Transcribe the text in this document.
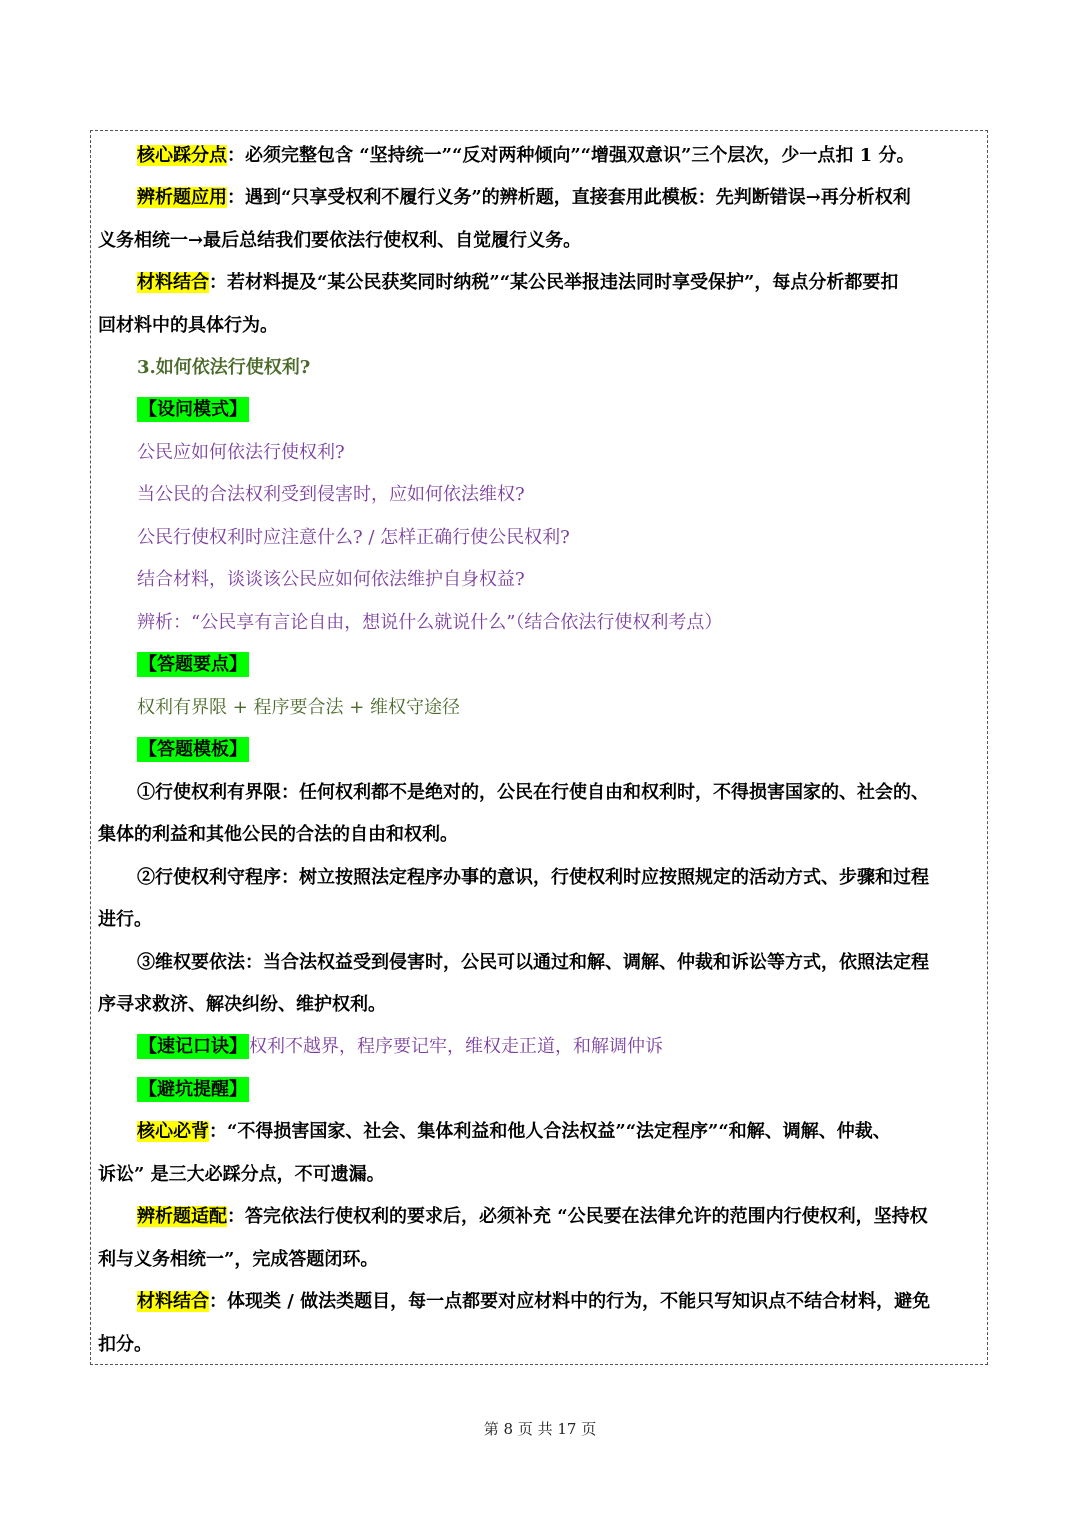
核心踩分点：必须完整包含 “坚持统一”“反对两种倾向”“增强双意识”三个层次，少一点扣 1 分。
辨析题应用：遇到“只享受权利不履行义务”的辨析题，直接套用此模板：先判断错误→再分析权利
义务相统一→最后总结我们要依法行使权利、自觉履行义务。
材料结合：若材料提及“某公民获奖同时纳税”“某公民举报违法同时享受保护”，每点分析都要扣
回材料中的具体行为。
3.如何依法行使权利?
【设问模式】
公民应如何依法行使权利?
当公民的合法权利受到侵害时，应如何依法维权?
公民行使权利时应注意什么? / 怎样正确行使公民权利?
结合材料，谈谈该公民应如何依法维护自身权益?
辨析：“公民享有言论自由，想说什么就说什么”（结合依法行使权利考点）
【答题要点】
权利有界限 + 程序要合法 + 维权守途径
【答题模板】
①行使权利有界限：任何权利都不是绝对的，公民在行使自由和权利时，不得损害国家的、社会的、
集体的利益和其他公民的合法的自由和权利。
②行使权利守程序：树立按照法定程序办事的意识，行使权利时应按照规定的活动方式、步骤和过程
进行。
③维权要依法：当合法权益受到侵害时，公民可以通过和解、调解、仲裁和诉讼等方式，依照法定程
序寻求救济、解决纠纷、维护权利。
【速记口诀】 权利不越界，程序要记牢，维权走正道，和解调仲诉
【避坑提醒】
核心必背：“不得损害国家、社会、集体利益和他人合法权益”“法定程序”“和解、调解、仲裁、
诉讼” 是三大必踩分点，不可遗漏。
辨析题适配：答完依法行使权利的要求后，必须补充 “公民要在法律允许的范围内行使权利，坚持权
利与义务相统一”，完成答题闭环。
材料结合：体现类 / 做法类题目，每一点都要对应材料中的行为，不能只写知识点不结合材料，避免
扣分。
第 8 页 共 17 页
